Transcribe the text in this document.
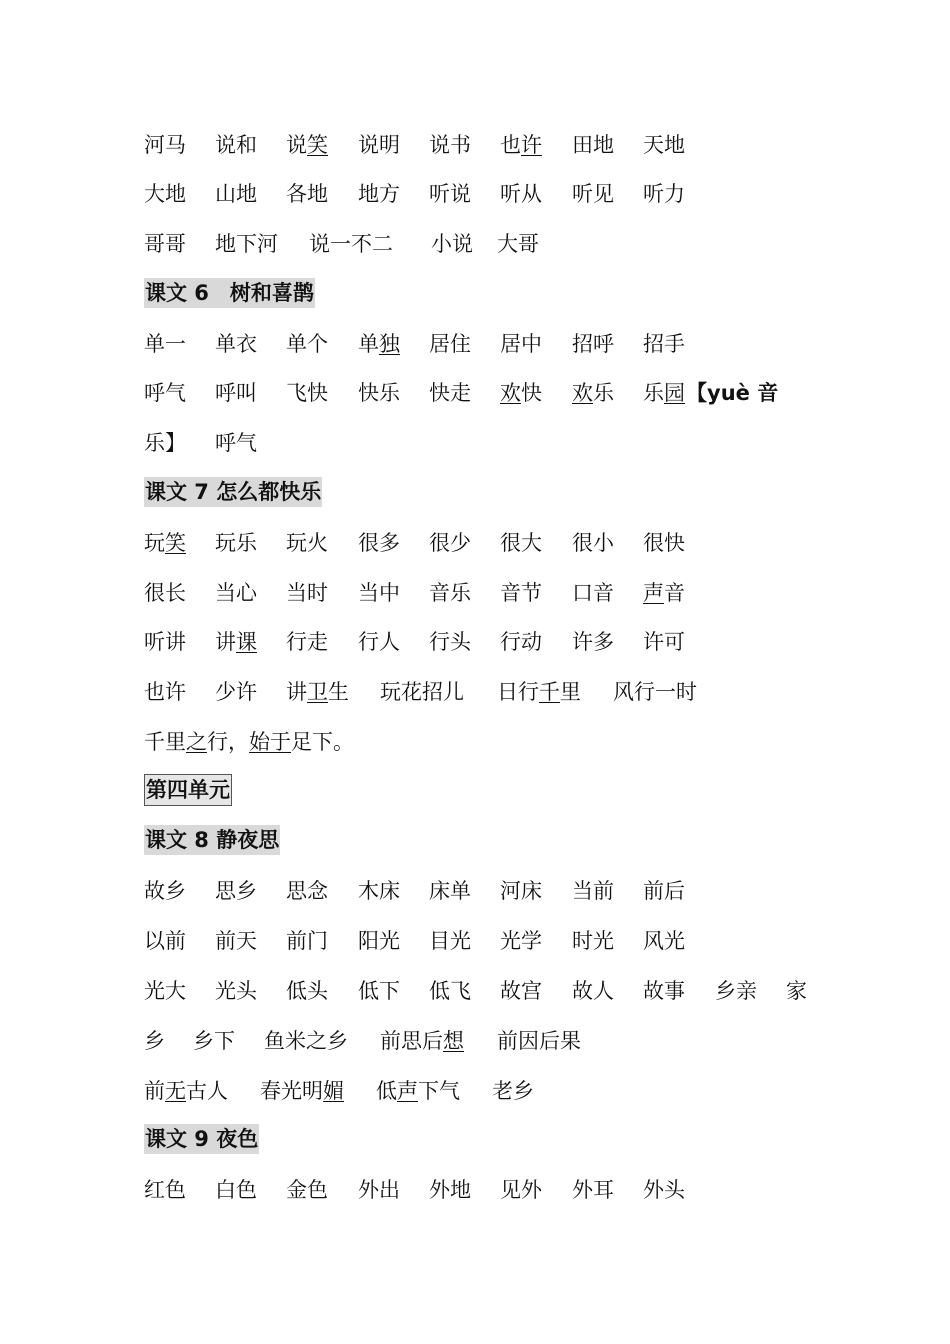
河马 说和 说笑 说明 说书 也许 田地 天地
大地 山地 各地 地方 听说 听从 听见 听力
哥哥 地下河 说一不二 小说 大哥
课文 6　树和喜鹊
单一 单衣 单个 单独 居住 居中 招呼 招手
呼气 呼叫 飞快 快乐 快走 欢快 欢乐 乐园 【yuè 音
乐】 呼气
课文 7 怎么都快乐
玩笑 玩乐 玩火 很多 很少 很大 很小 很快
很长 当心 当时 当中 音乐 音节 口音 声音
听讲 讲课 行走 行人 行头 行动 许多 许可
也许 少许 讲卫生 玩花招儿 日行千里 风行一时
千里之行，始于足下。
第四单元
课文 8 静夜思
故乡 思乡 思念 木床 床单 河床 当前 前后
以前 前天 前门 阳光 目光 光学 时光 风光
光大 光头 低头 低下 低飞 故宫 故人 故事 乡亲 家
乡 乡下 鱼米之乡 前思后想 前因后果
前无古人 春光明媚 低声下气 老乡
课文 9 夜色
红色 白色 金色 外出 外地 见外 外耳 外头
